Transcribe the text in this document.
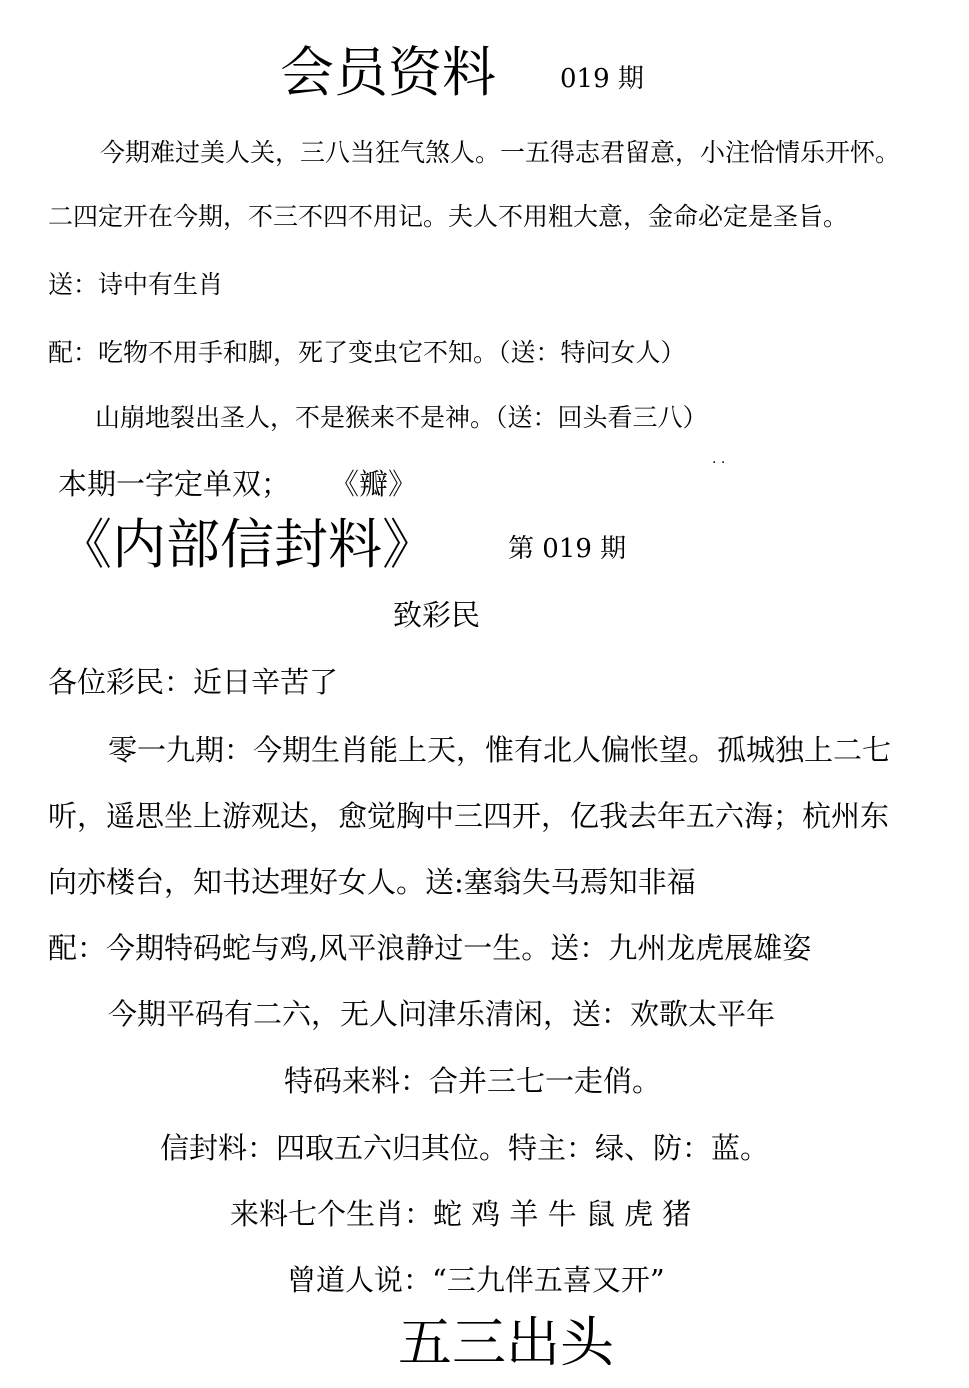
会员资料 019 期
今期难过美人关，三八当狂气煞人。一五得志君留意，小注恰情乐开怀。
二四定开在今期，不三不四不用记。夫人不用粗大意，金命必定是圣旨。
送：诗中有生肖
配：吃物不用手和脚，死了变虫它不知。（送：特问女人）
山崩地裂出圣人，不是猴来不是神。（送：回头看三八）
本期一字定单双； 《瓣》
. .
《内部信封料》	第 019 期
致彩民
各位彩民：近日辛苦了
零一九期：今期生肖能上天，惟有北人偏怅望。孤城独上二七
听，遥思坐上游观达，愈觉胸中三四开，亿我去年五六海；杭州东
向亦楼台，知书达理好女人。送:塞翁失马焉知非福
配：今期特码蛇与鸡,风平浪静过一生。送：九州龙虎展雄姿
今期平码有二六，无人问津乐清闲，送：欢歌太平年
特码来料：合并三七一走俏。
信封料：四取五六归其位。特主：绿、防：蓝。
来料七个生肖：蛇 鸡 羊 牛 鼠 虎 猪
曾道人说：“三九伴五喜又开”
五三出头
